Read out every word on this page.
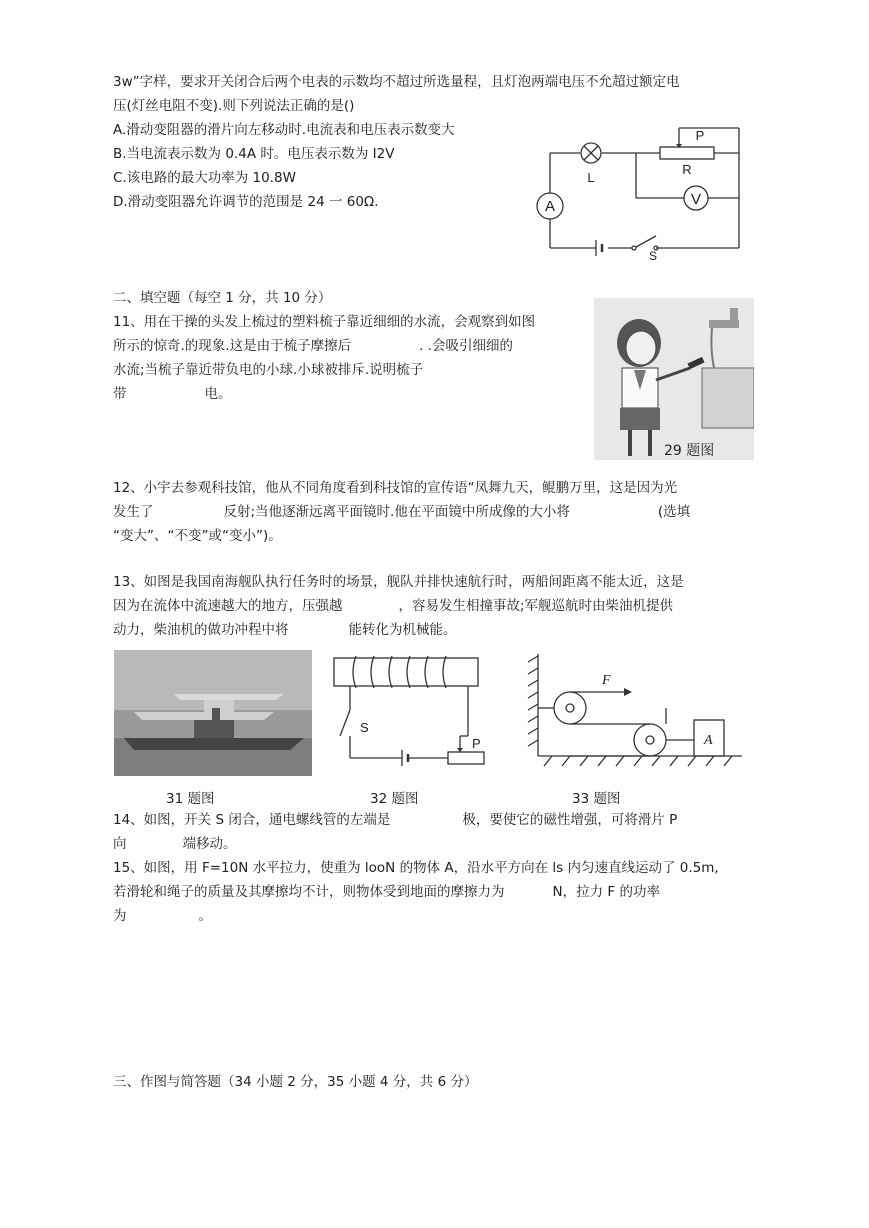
3w”字样，要求开关闭合后两个电表的示数均不超过所选量程，且灯泡两端电压不允超过额定电
压(灯丝电阻不变).则下列说法正确的是()
A.滑动变阻器的滑片向左移动时.电流表和电压表示数变大
B.当电流表示数为 0.4A 时。电压表示数为 I2V
C.该电路的最大功率为 10.8W
D.滑动变阻器允许调节的范围是 24 一 60Ω.	A
L
R
P
V
S
二、填空题（每空 1 分，共 10 分）
11、用在干操的头发上梳过的塑料梳子靠近细细的水流，会观察到如图
所示的惊奇.的现象.这是由于梳子摩擦后	. .会吸引细细的
水流;当梳子靠近带负电的小球.小球被排斥.说明梳子
带	电。
29 题图
12、小宇去参观科技馆，他从不同角度看到科技馆的宣传语“凤舞九天，鲲鹏万里，这是因为光
发生了	反射;当他逐渐远离平面镜时.他在平面镜中所成像的大小将	(选填
“变大”、“不变”或“变小”)。
13、如图是我国南海舰队执行任务时的场景，舰队并排快速航行时，两船间距离不能太近，这是
因为在流体中流速越大的地方，压强越	，容易发生相撞事故;军舰巡航时由柴油机提供
动力，柴油机的做功冲程中将	能转化为机械能。
S
P
F
A
31 题图	32 题图	33 题图
14、如图，开关 S 闭合，通电螺线管的左端是	极，要使它的磁性增强，可将滑片 P
向	端移动。
15、如图，用 F=10N 水平拉力，使重为 looN 的物体 A，沿水平方向在 ls 内匀速直线运动了 0.5m,
若滑轮和绳子的质量及其摩擦均不计，则物体受到地面的摩擦力为	N，拉力 F 的功率
为	。
三、作图与简答题（34 小题 2 分，35 小题 4 分，共 6 分）
